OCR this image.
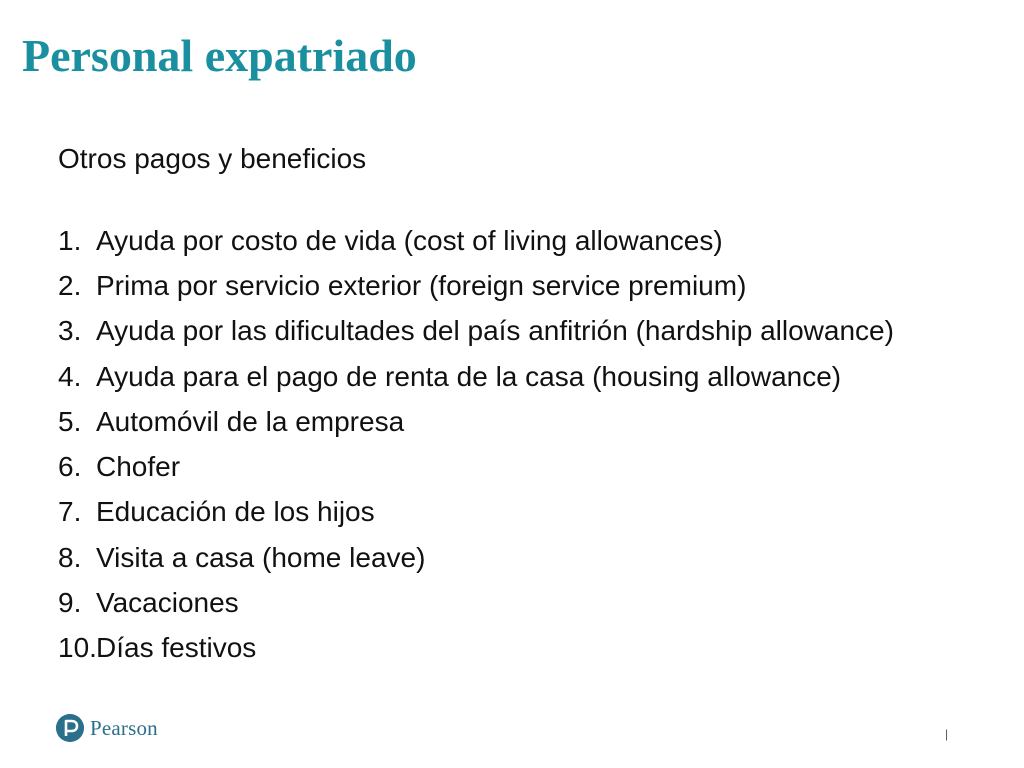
Personal expatriado

Otros pagos y beneficios

1. Ayuda por costo de vida (cost of living allowances)
2. Prima por servicio exterior (foreign service premium)
3. Ayuda por las dificultades del país anfitrión (hardship allowance)
4. Ayuda para el pago de renta de la casa (housing allowance)
5. Automóvil de la empresa
6. Chofer
7. Educación de los hijos
8. Visita a casa (home leave)
9. Vacaciones
10. Días festivos
Pearson	|
